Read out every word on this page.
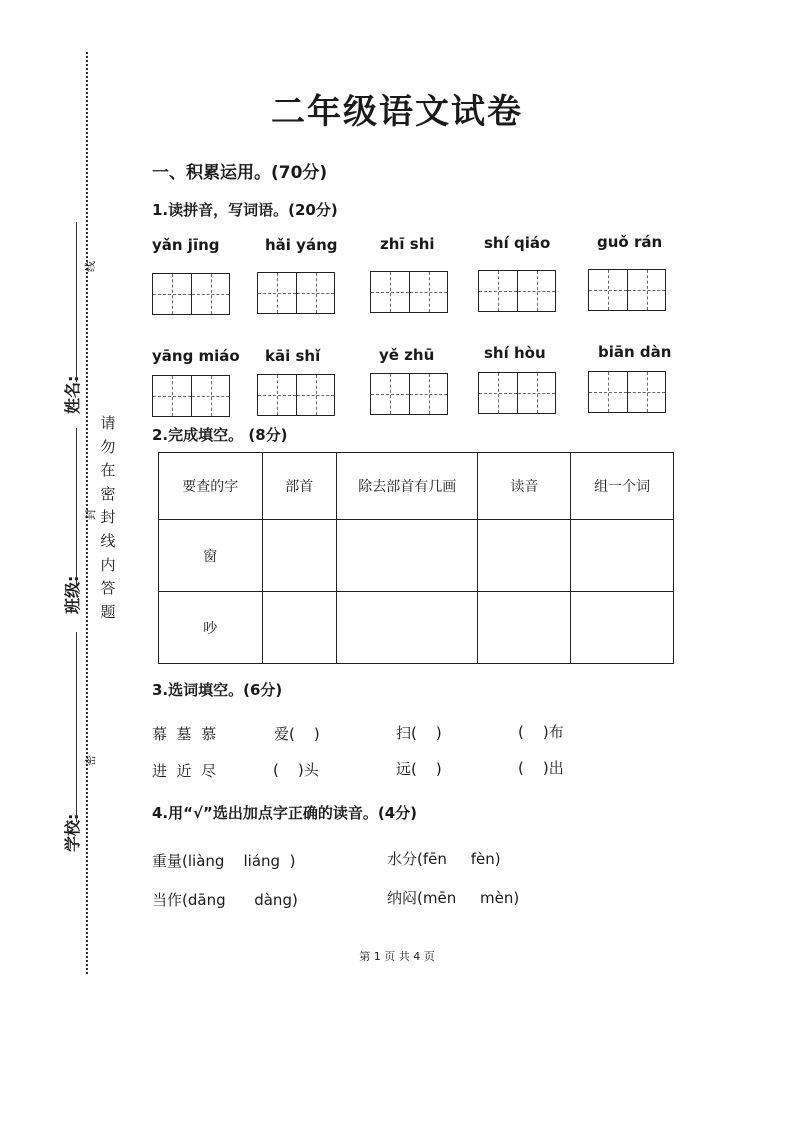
学校:
班级:
姓名:
线
封
密
请
勿
在
密
封
线
内
答
题
二年级语文试卷
一、积累运用。(70分)
1.读拼音，写词语。(20分)
yǎn jīng	hǎi yáng	zhī shi	shí qiáo	guǒ rán
yāng miáo kāi shǐ	yě zhū	shí hòu	biān dàn
2.完成填空。 (8分)
要查的字	部首	除去部首有几画	读音	组一个词
窗				
吵				
3.选词填空。(6分)
幕  墓  慕	爱(    )	扫(    )	(    )布
进  近  尽	(    )头	远(    )	(    )出
4.用“√”选出加点字正确的读音。(4分)
重量(liàng    liáng  )	水分(fēn     fèn)
当作(dāng      dàng)	纳闷(mēn     mèn)
第 1 页 共 4 页
